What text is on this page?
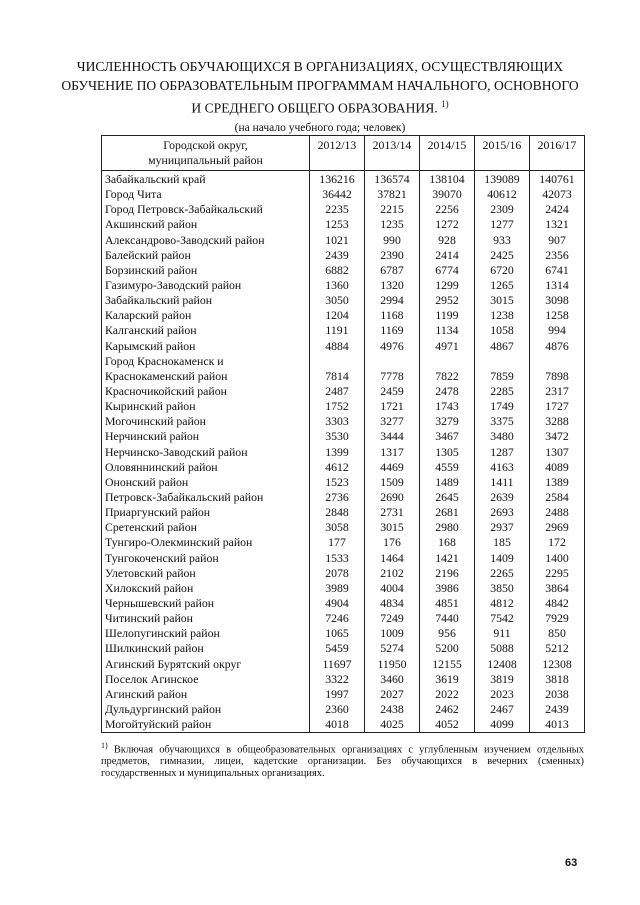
ЧИСЛЕННОСТЬ ОБУЧАЮЩИХСЯ В ОРГАНИЗАЦИЯХ, ОСУЩЕСТВЛЯЮЩИХ
ОБУЧЕНИЕ ПО ОБРАЗОВАТЕЛЬНЫМ ПРОГРАММАМ НАЧАЛЬНОГО, ОСНОВНОГО
И СРЕДНЕГО ОБЩЕГО ОБРАЗОВАНИЯ. $^{1)}$
(на начало учебного года; человек)
Городской округ,
муниципальный район	2012/13	2013/14	2014/15	2015/16	2016/17
Забайкальский край	136216	136574	138104	139089	140761
Город Чита	36442	37821	39070	40612	42073
Город Петровск-Забайкальский	2235	2215	2256	2309	2424
Акшинский район	1253	1235	1272	1277	1321
Александрово-Заводский район	1021	990	928	933	907
Балейский район	2439	2390	2414	2425	2356
Борзинский район	6882	6787	6774	6720	6741
Газимуро-Заводский район	1360	1320	1299	1265	1314
Забайкальский район	3050	2994	2952	3015	3098
Каларский район	1204	1168	1199	1238	1258
Калганский район	1191	1169	1134	1058	994
Карымский район	4884	4976	4971	4867	4876
Город Краснокаменск и					
Краснокаменский район	7814	7778	7822	7859	7898
Красночикойский район	2487	2459	2478	2285	2317
Кыринский район	1752	1721	1743	1749	1727
Могочинский район	3303	3277	3279	3375	3288
Нерчинский район	3530	3444	3467	3480	3472
Нерчинско-Заводский район	1399	1317	1305	1287	1307
Оловяннинский район	4612	4469	4559	4163	4089
Ононский район	1523	1509	1489	1411	1389
Петровск-Забайкальский район	2736	2690	2645	2639	2584
Приаргунский район	2848	2731	2681	2693	2488
Сретенский район	3058	3015	2980	2937	2969
Тунгиро-Олекминский район	177	176	168	185	172
Тунгокоченский район	1533	1464	1421	1409	1400
Улетовский район	2078	2102	2196	2265	2295
Хилокский район	3989	4004	3986	3850	3864
Чернышевский район	4904	4834	4851	4812	4842
Читинский район	7246	7249	7440	7542	7929
Шелопугинский район	1065	1009	956	911	850
Шилкинский район	5459	5274	5200	5088	5212
Агинский Бурятский округ	11697	11950	12155	12408	12308
Поселок Агинское	3322	3460	3619	3819	3818
Агинский район	1997	2027	2022	2023	2038
Дульдургинский район	2360	2438	2462	2467	2439
Могойтуйский район	4018	4025	4052	4099	4013
$^{1)}$ Включая обучающихся в общеобразовательных организациях с углубленным изучением отдельных предметов, гимназии, лицеи, кадетские организации. Без обучающихся в вечерних (сменных) государственных и муниципальных организациях.
63
